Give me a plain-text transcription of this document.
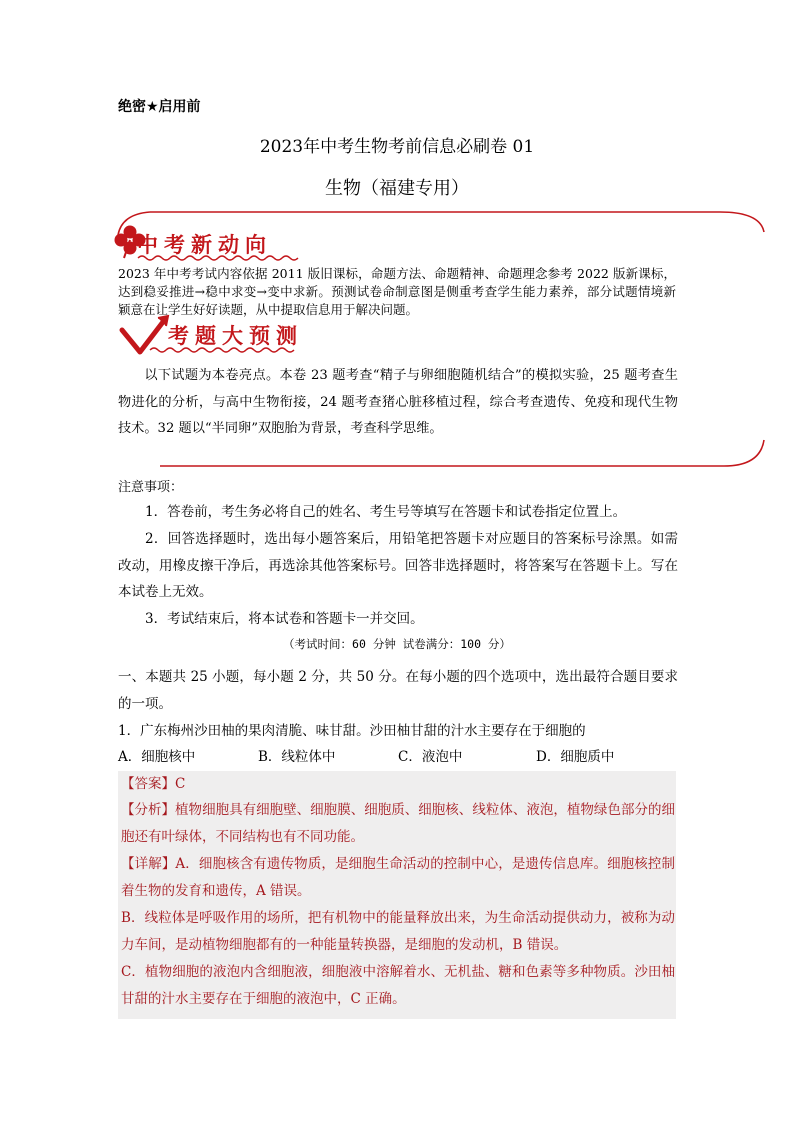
绝密★启用前
2023年中考生物考前信息必刷卷 01
生物（福建专用）
中考新动向
2023 年中考考试内容依据 2011 版旧课标，命题方法、命题精神、命题理念参考 2022 版新课标，达到稳妥推进→稳中求变→变中求新。预测试卷命制意图是侧重考查学生能力素养，部分试题情境新颖意在让学生好好读题，从中提取信息用于解决问题。
考题大预测
以下试题为本卷亮点。本卷 23 题考查“精子与卵细胞随机结合”的模拟实验，25 题考查生物进化的分析，与高中生物衔接，24 题考查猪心脏移植过程，综合考查遗传、免疫和现代生物技术。32 题以“半同卵”双胞胎为背景，考查科学思维。
注意事项：
1．答卷前，考生务必将自己的姓名、考生号等填写在答题卡和试卷指定位置上。
2．回答选择题时，选出每小题答案后，用铅笔把答题卡对应题目的答案标号涂黑。如需改动，用橡皮擦干净后，再选涂其他答案标号。回答非选择题时，将答案写在答题卡上。写在本试卷上无效。
3．考试结束后，将本试卷和答题卡一并交回。
（考试时间：60 分钟 试卷满分：100 分）
一、本题共 25 小题，每小题 2 分，共 50 分。在每小题的四个选项中，选出最符合题目要求的一项。
1．广东梅州沙田柚的果肉清脆、味甘甜。沙田柚甘甜的汁水主要存在于细胞的
A．细胞核中	B．线粒体中	C．液泡中	D．细胞质中
【答案】C
【分析】植物细胞具有细胞壁、细胞膜、细胞质、细胞核、线粒体、液泡，植物绿色部分的细胞还有叶绿体，不同结构也有不同功能。
【详解】A．细胞核含有遗传物质，是细胞生命活动的控制中心，是遗传信息库。细胞核控制着生物的发育和遗传，A 错误。
B．线粒体是呼吸作用的场所，把有机物中的能量释放出来，为生命活动提供动力，被称为动力车间，是动植物细胞都有的一种能量转换器，是细胞的发动机，B 错误。
C．植物细胞的液泡内含细胞液，细胞液中溶解着水、无机盐、糖和色素等多种物质。沙田柚甘甜的汁水主要存在于细胞的液泡中，C 正确。
